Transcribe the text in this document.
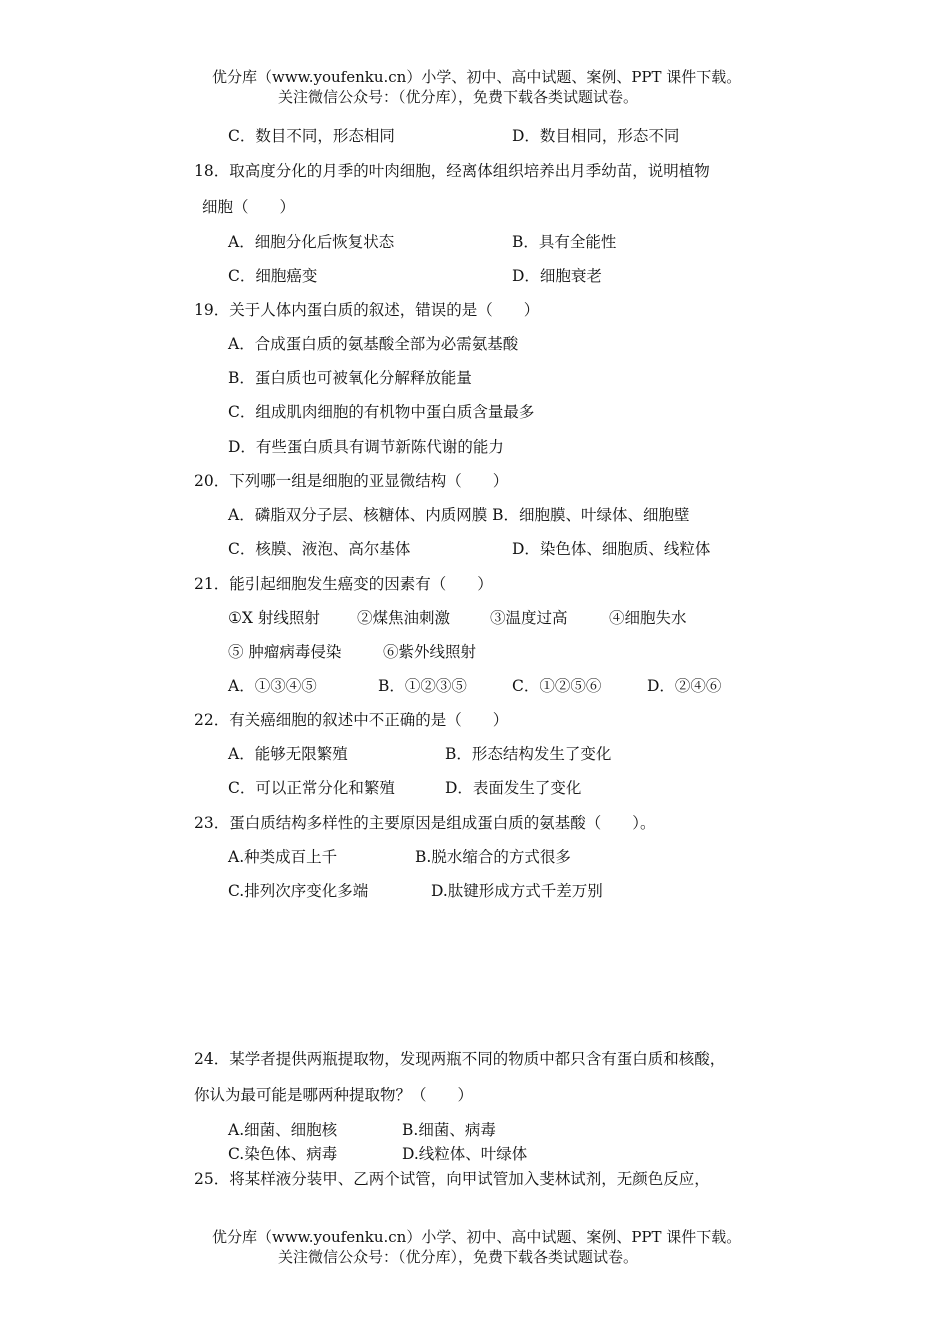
优分库（www.youfenku.cn）小学、初中、高中试题、案例、PPT 课件下载。
关注微信公众号：（优分库），免费下载各类试题试卷。
C．数目不同，形态相同	D．数目相同，形态不同
18．取高度分化的月季的叶肉细胞，经离体组织培养出月季幼苗，说明植物
细胞（　　）
A．细胞分化后恢复状态	B．具有全能性
C．细胞癌变	D．细胞衰老
19．关于人体内蛋白质的叙述，错误的是（　　）
A．合成蛋白质的氨基酸全部为必需氨基酸
B．蛋白质也可被氧化分解释放能量
C．组成肌肉细胞的有机物中蛋白质含量最多
D．有些蛋白质具有调节新陈代谢的能力
20．下列哪一组是细胞的亚显微结构（　　）
A．磷脂双分子层、核糖体、内质网膜 B．细胞膜、叶绿体、细胞壁
C．核膜、液泡、高尔基体	D．染色体、细胞质、线粒体
21．能引起细胞发生癌变的因素有（　　）
①X 射线照射 ②煤焦油刺激	③温度过高	④细胞失水
⑤ 肿瘤病毒侵染	⑥紫外线照射
A．①③④⑤	B．①②③⑤	C．①②⑤⑥	D．②④⑥
22．有关癌细胞的叙述中不正确的是（　　）
A．能够无限繁殖	B．形态结构发生了变化
C．可以正常分化和繁殖	D．表面发生了变化
23．蛋白质结构多样性的主要原因是组成蛋白质的氨基酸（　　）。
A.种类成百上千	B.脱水缩合的方式很多
C.排列次序变化多端	D.肽键形成方式千差万别
24．某学者提供两瓶提取物，发现两瓶不同的物质中都只含有蛋白质和核酸，
你认为最可能是哪两种提取物？（　　）
A.细菌、细胞核	B.细菌、病毒
C.染色体、病毒	D.线粒体、叶绿体
25．将某样液分装甲、乙两个试管，向甲试管加入斐林试剂，无颜色反应，
优分库（www.youfenku.cn）小学、初中、高中试题、案例、PPT 课件下载。
关注微信公众号：（优分库），免费下载各类试题试卷。
